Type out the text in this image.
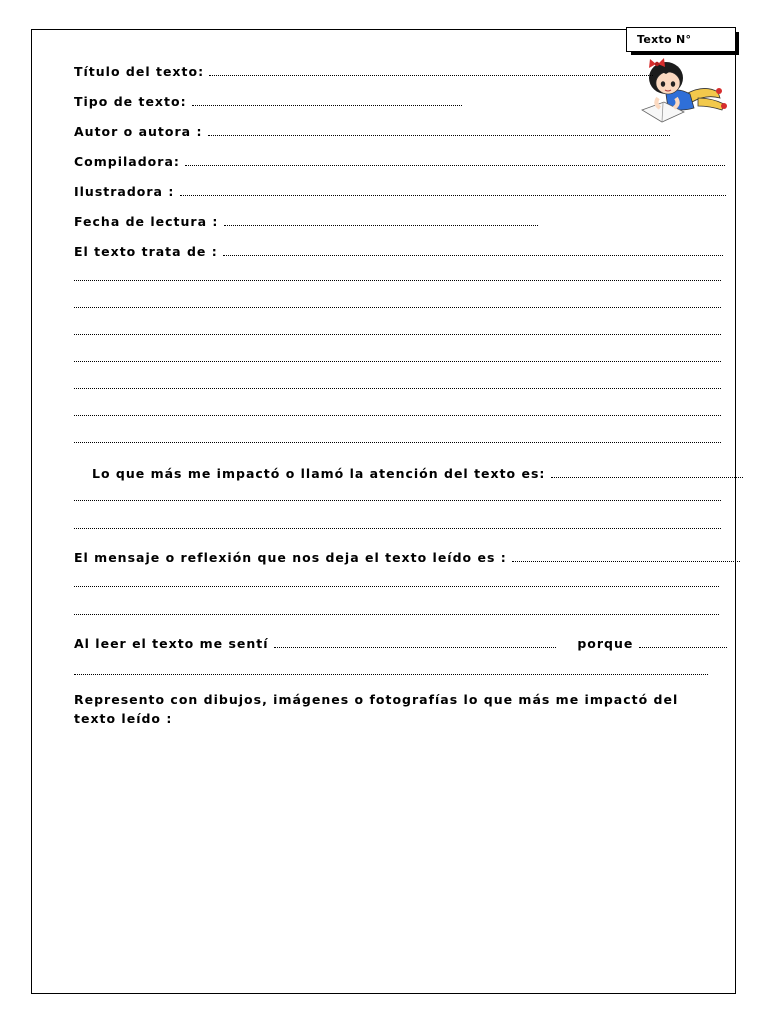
Texto N°
Título del texto :
Tipo de texto :
Autor o autora :
Compiladora :
Ilustradora :

Fecha de lectura :

El texto trata de :

Lo que más me impactó o llamó la atención del texto es:

El mensaje o reflexión que nos deja el texto leído es :

Al leer el texto me sentí

	porque

Represento con dibujos, imágenes o fotografías lo que más me impactó del texto leído :
